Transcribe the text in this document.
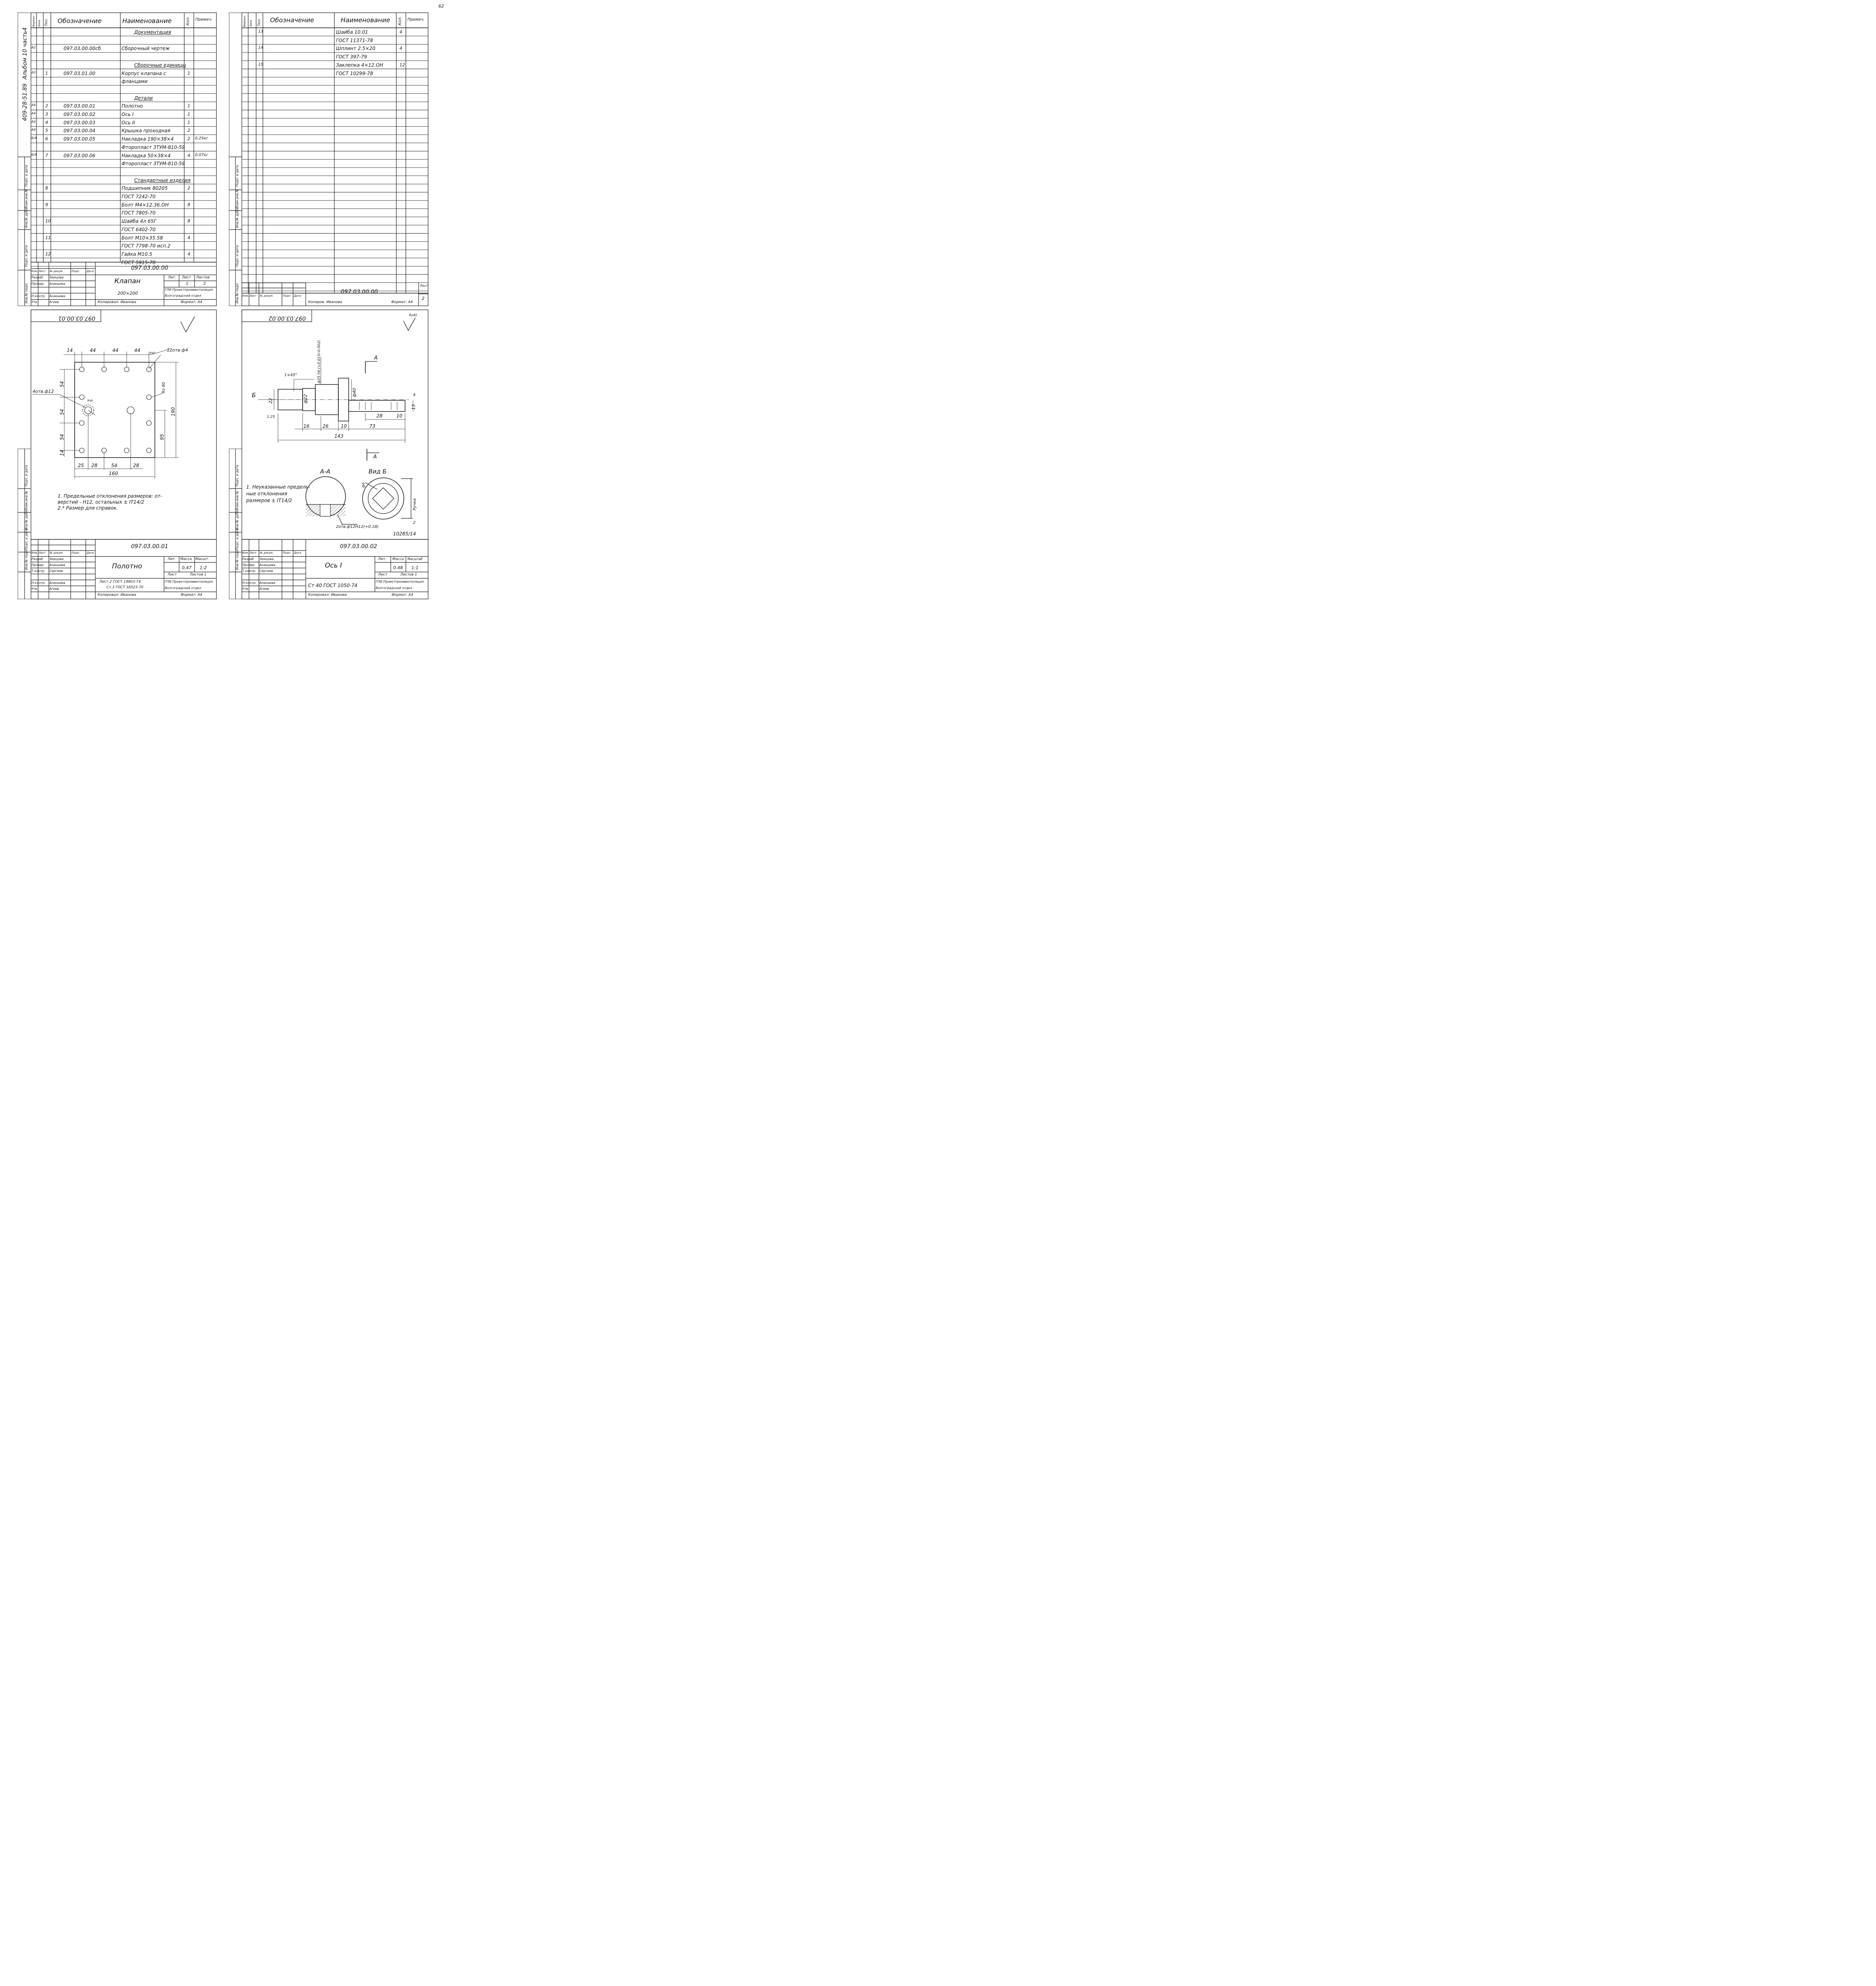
62
409-28-51.89
Альбом 10 часть4
Подп. и дата
Взам.инв.№
Инв.№ дубл.
Подп. и дата
Инв.№ подл.
Формат Зона Поз. Обозначение	Наименование	Кол. Примеч.
Документация
А2	097.03.00.00сб	Сборочный чертеж
Сборочные единицы
А3 1	097.03.01.00	Корпус клапана с	1
фланцами
Детали
А4 2	097.03.00.01	Полотно	1
А4 3	097.03.00.02	Ось I	1
А4 4	097.03.00.03	Ось II	1
А4 5	097.03.00.04	Крышка проходная	2
Б/4 6	097.03.00.05	Накладка 190×38×4	2 0.25кг
Фторопласт 3ТУМ-810-59
Б/4 7	097.03.00.06	Накладка 50×38×4	4 0.07кг
Фторопласт 3ТУМ-810-59
Стандартные изделия
8	Подшипник 80205	2
ГОСТ 7242-70
9	Болт М4×12.36.ОН	8
ГОСТ 7805-70
10	Шайба 4л 65Г	8
ГОСТ 6402-70
11	Болт М10×35.58	4
ГОСТ 7798-70 исп.2
12	Гайка М10.5	4
ГОСТ 5915-70
097.03.00.00
Изм. Лист № докум.	Подп. Дата
Разраб. Земцова
Провер. Ананьева
Н.контр. Ананьева
Утв.	Агеев
Клапан
200×200
Лит. Лист Листов
1	2
ГПИ Проектпромвентиляция
Волгоградский отдел
Копировал: Иванова	Формат: А4
Подп. и дата
Взам.инв.№
Инв.№ дубл.
Подп. и дата
Инв.№ подл.
Формат Зона Поз. Обозначение	Наименование Кол. Примеч.
13	Шайба 10.01	4
ГОСТ 11371-78
14	Шплинт 2.5×20	4
ГОСТ 397-79
15	Заклепка 4×12.ОН	12
ГОСТ 10299-78
Изм. Лист № докум.	Подп. Дата
097.03.00.00
Лист
2
Копиров. Иванова	Формат: А4
Подп. и дата
Взам.инв.№
Инв.№ дубл.
Подп. и дата
Инв.№ подл.
097.03.00.01
14	44	44	44	R40
12отв.ф4
4отв.ф12
R40
Rz 80
54
54
54
14
190
95
25 28	54	28
160
1. Предельные отклонения размеров: от-
верстий - Н12, остальных ± IT14/2
2.* Размер для справок.
097.03.00.01
Полотно
Лит. Масса Масшт.
0,47 1:2
Лист	Листов 1
ГПИ Проектпромвентиляция
Волгоградский отдел
Лист 2 ГОСТ 19903-74
Ст.3 ГОСТ 16523-70
Копировал: Иванова	Формат: А4
Изм. Лист № докум.	Подп. Дата
Разраб. Земцова
Провер. Ананьева
Т.контр. Сергеев
Н.контр. Ананьева
Утв.	Агеев
Подп. и дата
Взам.инв.№
Инв.№ дубл.
Подп. и дата
Инв.№ подл.
097.03.00.02	Rz40
А
А
1×45°	ф25 h6 (+0.015/-0.002)
Б
22	ф22
ф40	4
13
1.25	28	10
16	26	10	73
143
А-А	Вид Б
1. Неуказанные предель-
ные отклонения
размеров ± IT14/2
2отв.ф12Н12(+0.18)
ф6
Ручка
2
10285/14
097.03.00.02
Ось I
Лит. Масса Масштаб
0.48 1:1
Лист	Листов 1
ГПИ Проектпромвентиляция
Волгоградский отдел
Ст 40 ГОСТ 1050-74
Копировал: Иванова	Формат: А4
Изм. Лист № докум.	Подп. Дата
Разраб. Земцова
Провер. Ананьева
Т.контр. Сергеев
Н.контр. Ананьева
Утв.	Агеев
